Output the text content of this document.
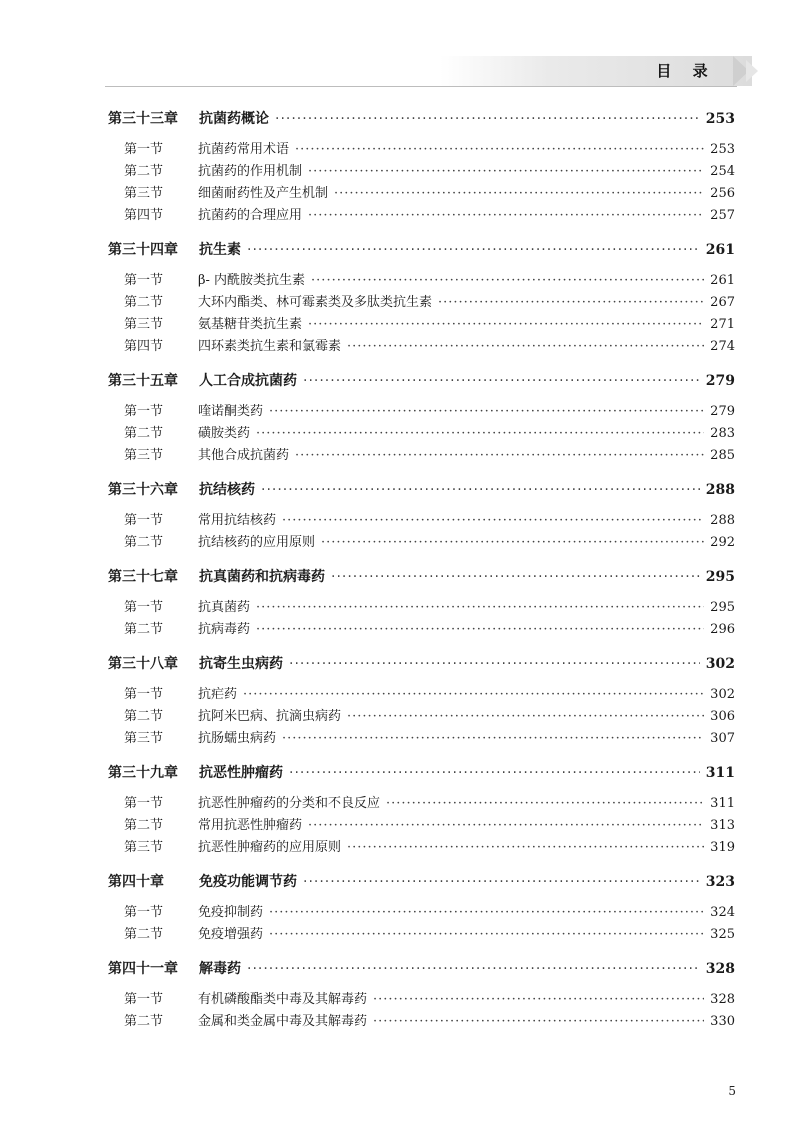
目 录
第三十三章	抗菌药概论 ·····	253
第一节	抗菌药常用术语 ·····	253
第二节	抗菌药的作用机制 ·····	254
第三节	细菌耐药性及产生机制 ·····	256
第四节	抗菌药的合理应用 ·····	257
第三十四章	抗生素 ·····	261
第一节	β- 内酰胺类抗生素 ·····	261
第二节	大环内酯类、林可霉素类及多肽类抗生素 ·····	267
第三节	氨基糖苷类抗生素 ·····	271
第四节	四环素类抗生素和氯霉素 ·····	274
第三十五章	人工合成抗菌药 ·····	279
第一节	喹诺酮类药 ·····	279
第二节	磺胺类药 ·····	283
第三节	其他合成抗菌药 ·····	285
第三十六章	抗结核药 ·····	288
第一节	常用抗结核药 ·····	288
第二节	抗结核药的应用原则 ·····	292
第三十七章	抗真菌药和抗病毒药 ·····	295
第一节	抗真菌药 ·····	295
第二节	抗病毒药 ·····	296
第三十八章	抗寄生虫病药 ·····	302
第一节	抗疟药 ·····	302
第二节	抗阿米巴病、抗滴虫病药 ·····	306
第三节	抗肠蠕虫病药 ·····	307
第三十九章	抗恶性肿瘤药 ·····	311
第一节	抗恶性肿瘤药的分类和不良反应 ·····	311
第二节	常用抗恶性肿瘤药 ·····	313
第三节	抗恶性肿瘤药的应用原则 ·····	319
第四十章	免疫功能调节药 ·····	323
第一节	免疫抑制药 ·····	324
第二节	免疫增强药 ·····	325
第四十一章	解毒药 ·····	328
第一节	有机磷酸酯类中毒及其解毒药 ·····	328
第二节	金属和类金属中毒及其解毒药 ·····	330
5
